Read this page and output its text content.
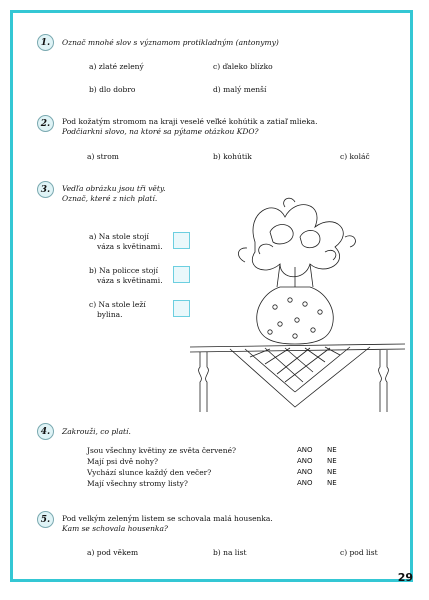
1.	Označ mnohé slov s významom protikladným (antonymy)
a) zlaté zelený	c) ďaleko blízko
b) dlo dobro	d) malý menší
2.	Pod kožatým stromom na kraji veselé veľké kohútik a zatiaľ mlieka.
Podčiarkni slovo, na ktoré sa pýtame otázkou KDO?
a) strom	b) kohútik	c) koláč
3.	Vedľa obrázku jsou tři věty.
Označ, které z nich platí.
a) Na stole stojí
váza s květinami.
b) Na policce stojí
váza s květinami.
c) Na stole leží
bylina.
4.	Zakrouži, co platí.
Jsou všechny květiny ze světa červené?	ANO NE
Mají psi dvě nohy?	ANO NE
Vychází slunce každý den večer?	ANO NE
Mají všechny stromy listy?	ANO NE
5.	Pod velkým zeleným listem se schovala malá housenka.
Kam se schovala housenka?
a) pod věkem	b) na list	c) pod list
29
